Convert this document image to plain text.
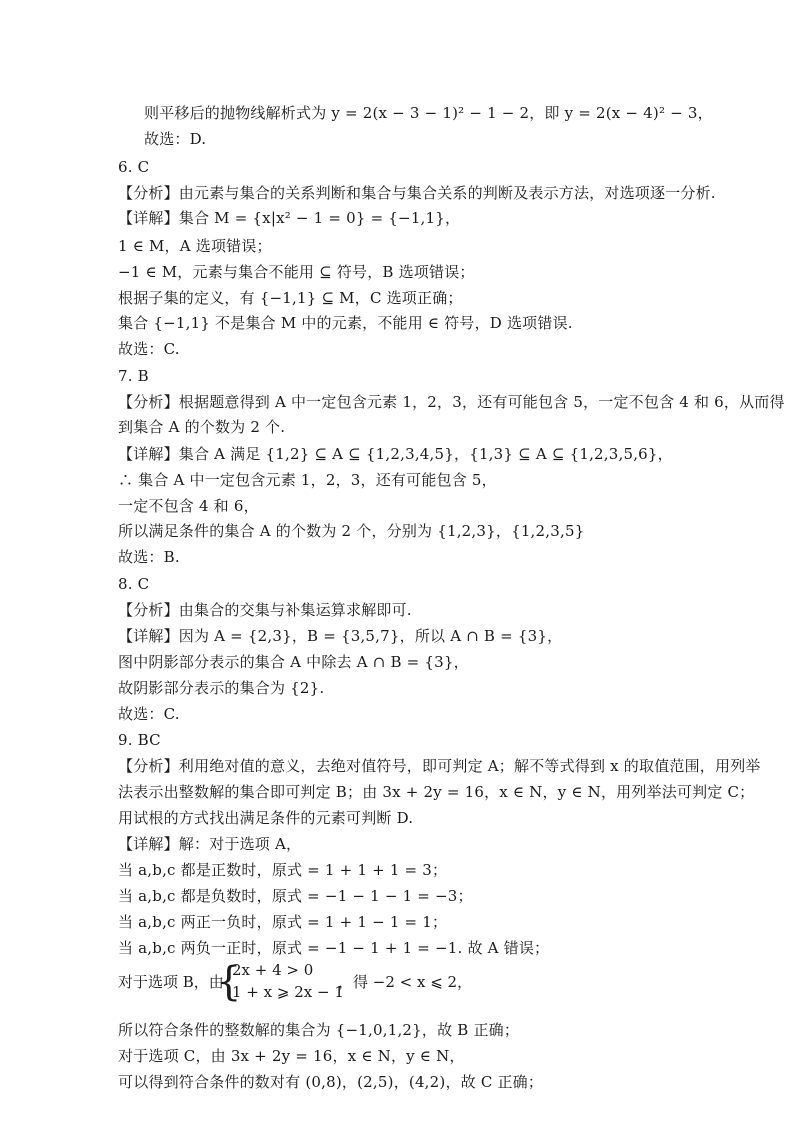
则平移后的抛物线解析式为 y = 2(x − 3 − 1)² − 1 − 2，即 y = 2(x − 4)² − 3，
故选：D.
6. C
【分析】由元素与集合的关系判断和集合与集合关系的判断及表示方法，对选项逐一分析.
【详解】集合 M = {x|x² − 1 = 0} = {−1,1}，
1 ∈ M，A 选项错误；
−1 ∈ M，元素与集合不能用 ⊆ 符号，B 选项错误；
根据子集的定义，有 {−1,1} ⊆ M，C 选项正确；
集合 {−1,1} 不是集合 M 中的元素，不能用 ∈ 符号，D 选项错误.
故选：C.
7. B
【分析】根据题意得到 A 中一定包含元素 1，2，3，还有可能包含 5，一定不包含 4 和 6，从而得
到集合 A 的个数为 2 个.
【详解】集合 A 满足 {1,2} ⊆ A ⊆ {1,2,3,4,5}，{1,3} ⊆ A ⊆ {1,2,3,5,6}，
∴ 集合 A 中一定包含元素 1，2，3，还有可能包含 5，
一定不包含 4 和 6，
所以满足条件的集合 A 的个数为 2 个，分别为 {1,2,3}，{1,2,3,5}
故选：B.
8. C
【分析】由集合的交集与补集运算求解即可.
【详解】因为 A = {2,3}，B = {3,5,7}，所以 A ∩ B = {3}，
图中阴影部分表示的集合 A 中除去 A ∩ B = {3}，
故阴影部分表示的集合为 {2}.
故选：C.
9. BC
【分析】利用绝对值的意义，去绝对值符号，即可判定 A；解不等式得到 x 的取值范围，用列举
法表示出整数解的集合即可判定 B；由 3x + 2y = 16，x ∈ N，y ∈ N，用列举法可判定 C；
用试根的方式找出满足条件的元素可判断 D.
【详解】解：对于选项 A，
当 a,b,c 都是正数时，原式 = 1 + 1 + 1 = 3；
当 a,b,c 都是负数时，原式 = −1 − 1 − 1 = −3；
当 a,b,c 两正一负时，原式 = 1 + 1 − 1 = 1；
当 a,b,c 两负一正时，原式 = −1 − 1 + 1 = −1. 故 A 错误；
对于选项 B，由
{
2x + 4 > 0
1 + x ⩾ 2x − 1
，得 −2 < x ⩽ 2，
所以符合条件的整数解的集合为 {−1,0,1,2}，故 B 正确；
对于选项 C，由 3x + 2y = 16，x ∈ N，y ∈ N，
可以得到符合条件的数对有 (0,8)，(2,5)，(4,2)，故 C 正确；
